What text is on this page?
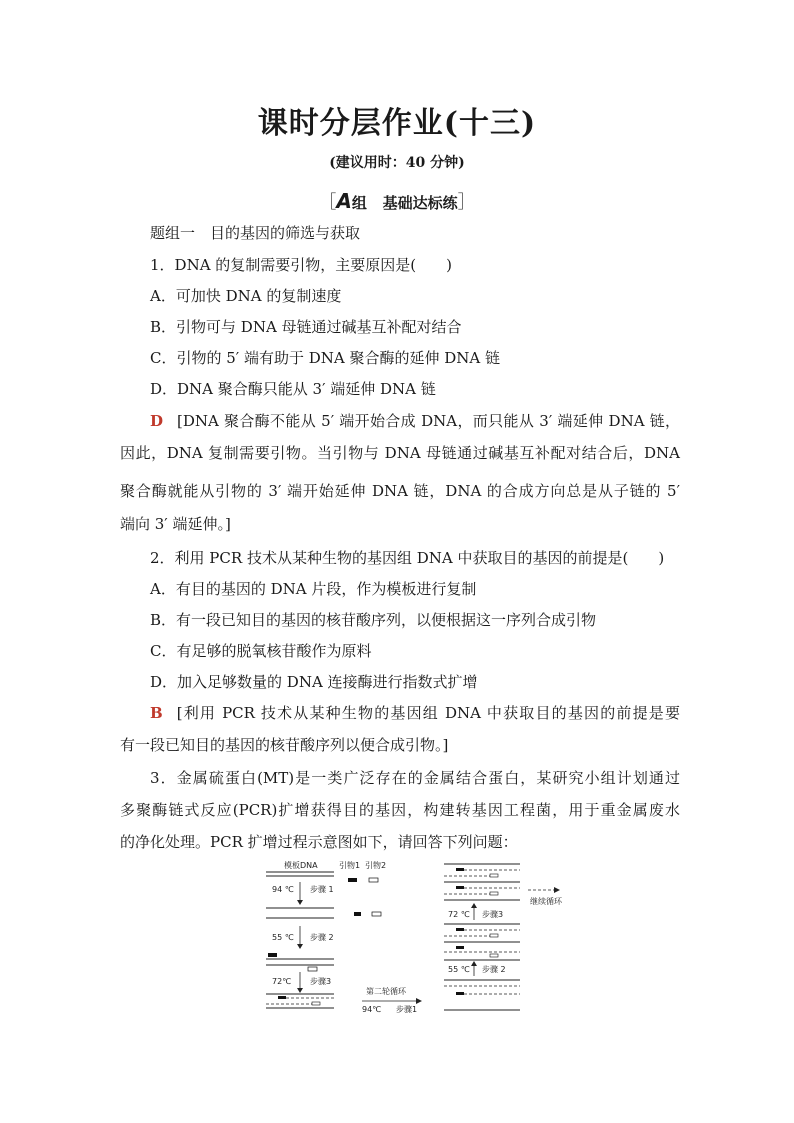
课时分层作业(十三)
(建议用时：40 分钟)
［A组 基础达标练］
题组一　目的基因的筛选与获取
1．DNA 的复制需要引物，主要原因是(　　)
A．可加快 DNA 的复制速度
B．引物可与 DNA 母链通过碱基互补配对结合
C．引物的 5′ 端有助于 DNA 聚合酶的延伸 DNA 链
D．DNA 聚合酶只能从 3′ 端延伸 DNA 链
D [DNA 聚合酶不能从 5′ 端开始合成 DNA，而只能从 3′ 端延伸 DNA 链，
因此，DNA 复制需要引物。当引物与 DNA 母链通过碱基互补配对结合后，DNA
聚合酶就能从引物的 3′ 端开始延伸 DNA 链，DNA 的合成方向总是从子链的 5′
端向 3′ 端延伸。]
2．利用 PCR 技术从某种生物的基因组 DNA 中获取目的基因的前提是(　　)
A．有目的基因的 DNA 片段，作为模板进行复制
B．有一段已知目的基因的核苷酸序列，以便根据这一序列合成引物
C．有足够的脱氧核苷酸作为原料
D．加入足够数量的 DNA 连接酶进行指数式扩增
B [利用 PCR 技术从某种生物的基因组 DNA 中获取目的基因的前提是要
有一段已知目的基因的核苷酸序列以便合成引物。]
3．金属硫蛋白(MT)是一类广泛存在的金属结合蛋白，某研究小组计划通过
多聚酶链式反应(PCR)扩增获得目的基因，构建转基因工程菌，用于重金属废水
的净化处理。PCR 扩增过程示意图如下，请回答下列问题：
模板DNA	引物1 引物2
94 ℃ 步骤 1
55 ℃ 步骤 2
72℃ 步骤3
第二轮循环
94℃ 步骤1
72 ℃ 步骤3
55 ℃ 步骤 2
继续循环
